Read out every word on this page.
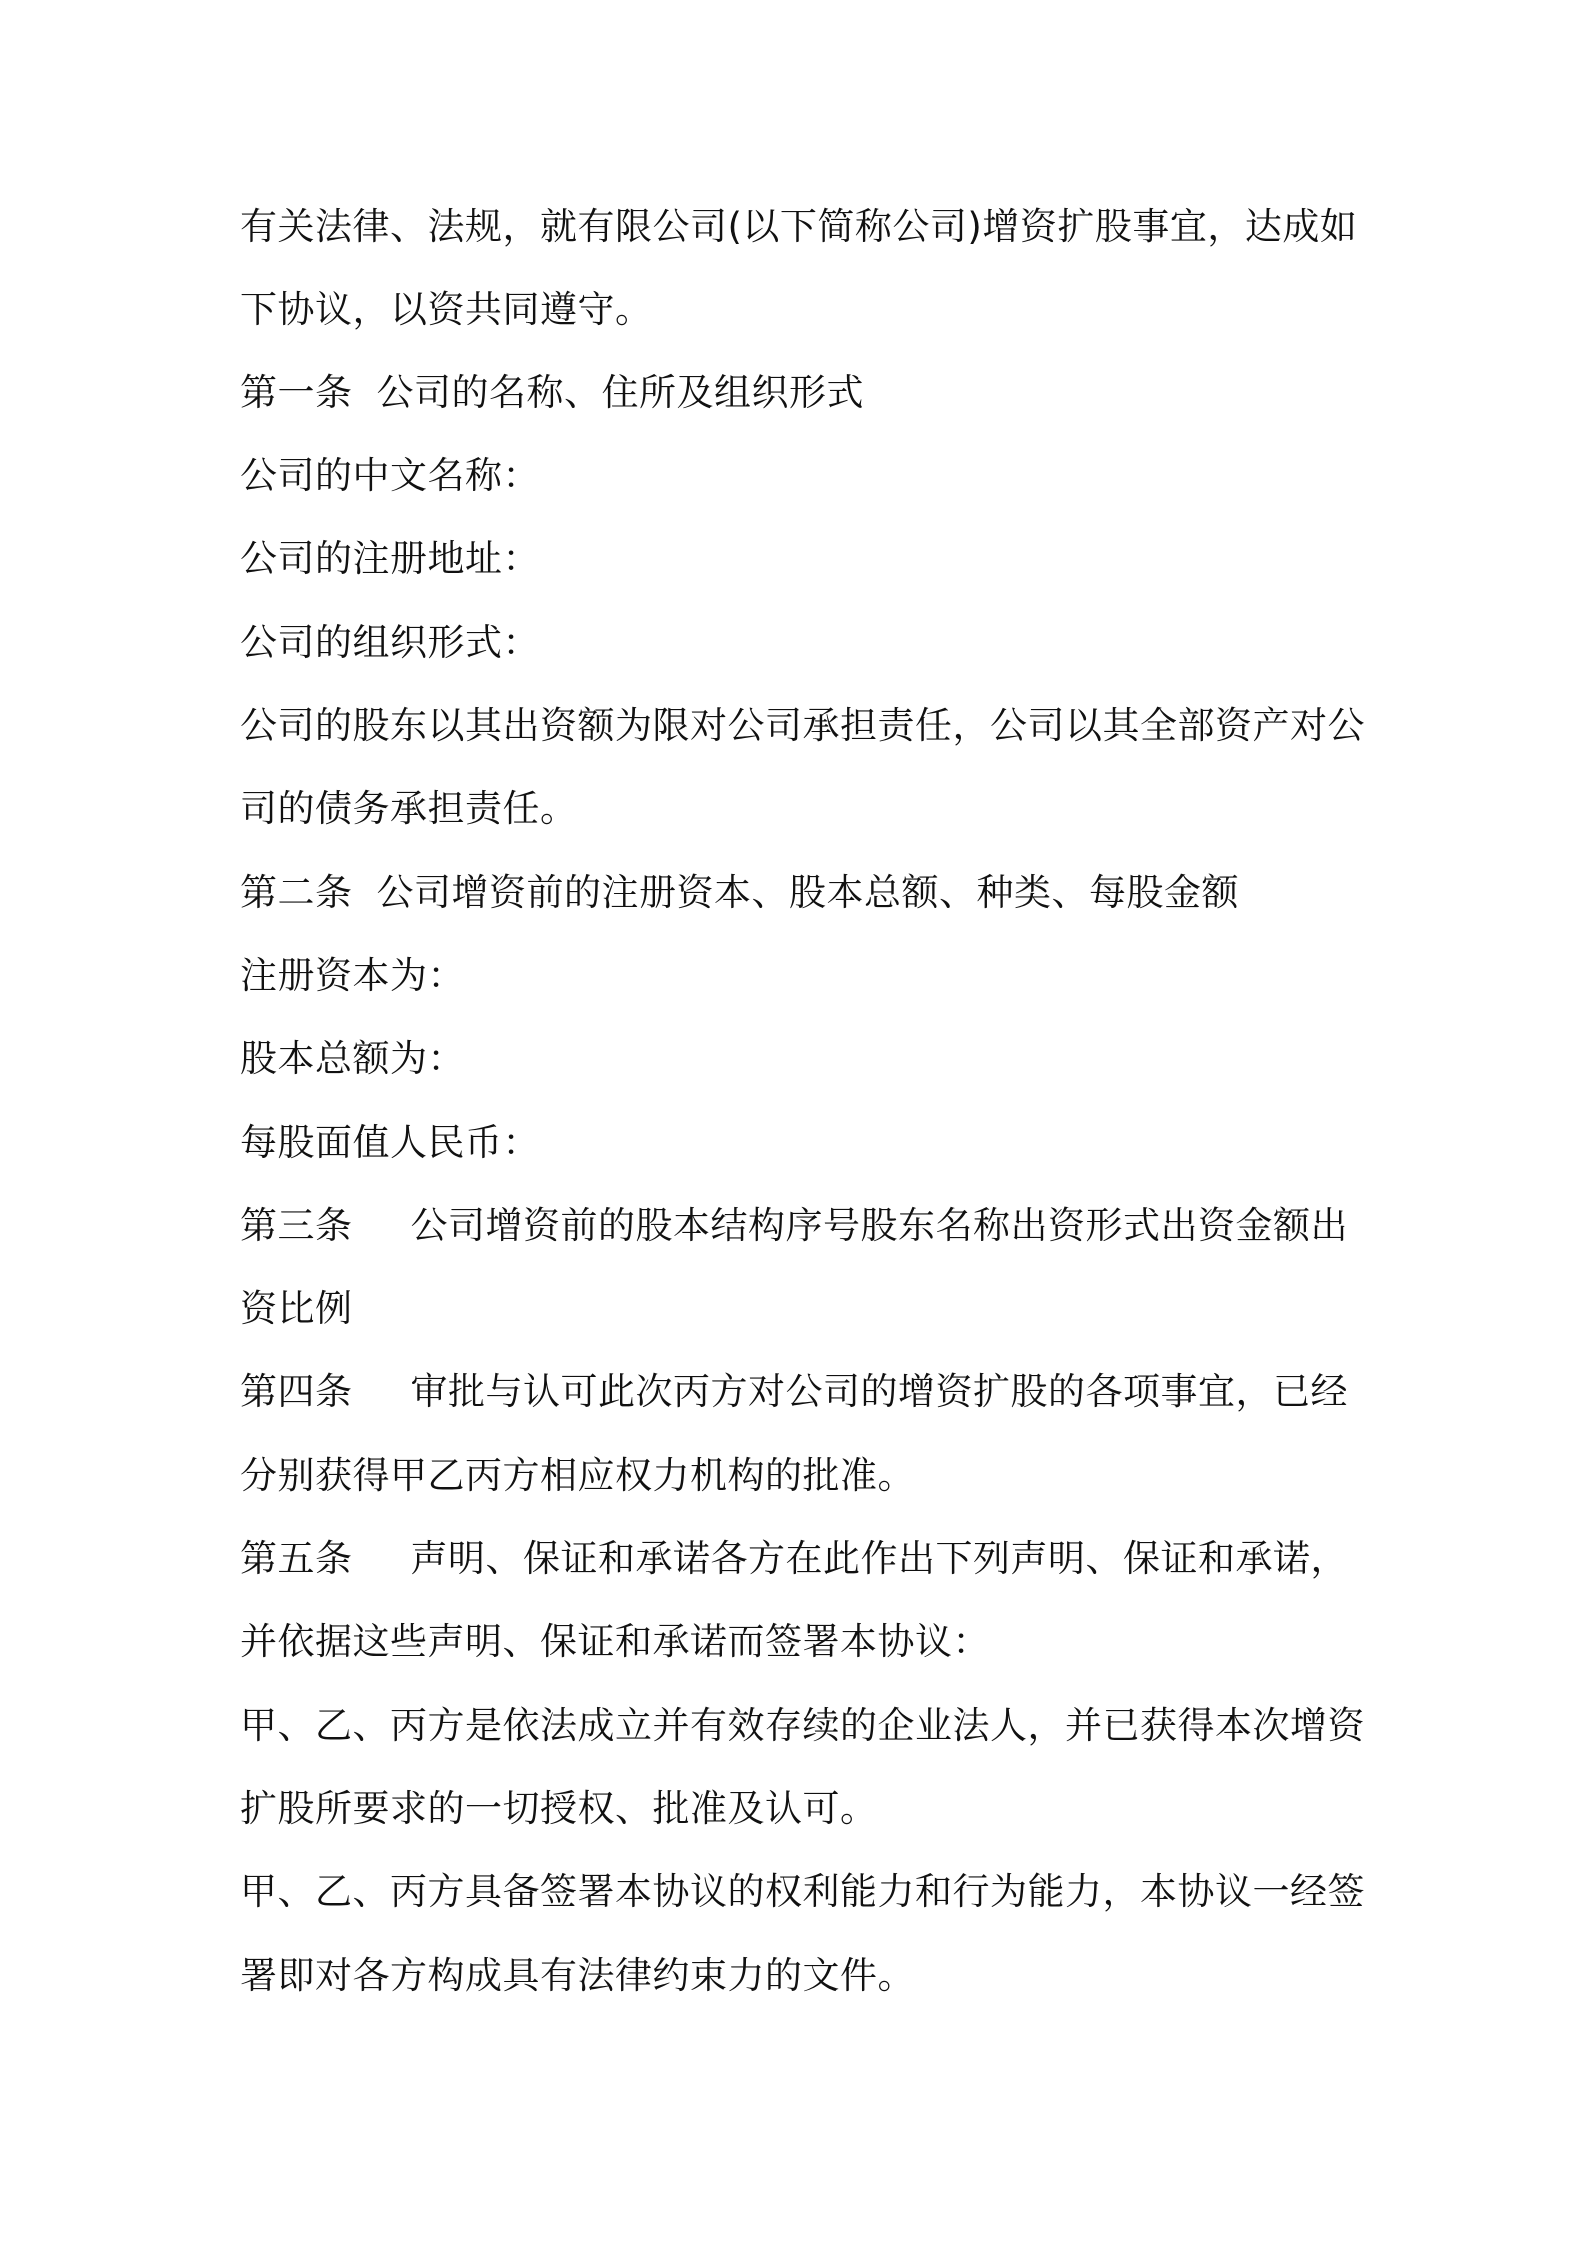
有关法律、法规，就有限公司(以下简称公司)增资扩股事宜，达成如
下协议，以资共同遵守。
第一条 公司的名称、住所及组织形式
公司的中文名称：
公司的注册地址：
公司的组织形式：
公司的股东以其出资额为限对公司承担责任，公司以其全部资产对公
司的债务承担责任。
第二条 公司增资前的注册资本、股本总额、种类、每股金额
注册资本为：
股本总额为：
每股面值人民币：
第三条 公司增资前的股本结构序号股东名称出资形式出资金额出
资比例
第四条 审批与认可此次丙方对公司的增资扩股的各项事宜，已经
分别获得甲乙丙方相应权力机构的批准。
第五条 声明、保证和承诺各方在此作出下列声明、保证和承诺，
并依据这些声明、保证和承诺而签署本协议：
甲、乙、丙方是依法成立并有效存续的企业法人，并已获得本次增资
扩股所要求的一切授权、批准及认可。
甲、乙、丙方具备签署本协议的权利能力和行为能力，本协议一经签
署即对各方构成具有法律约束力的文件。
